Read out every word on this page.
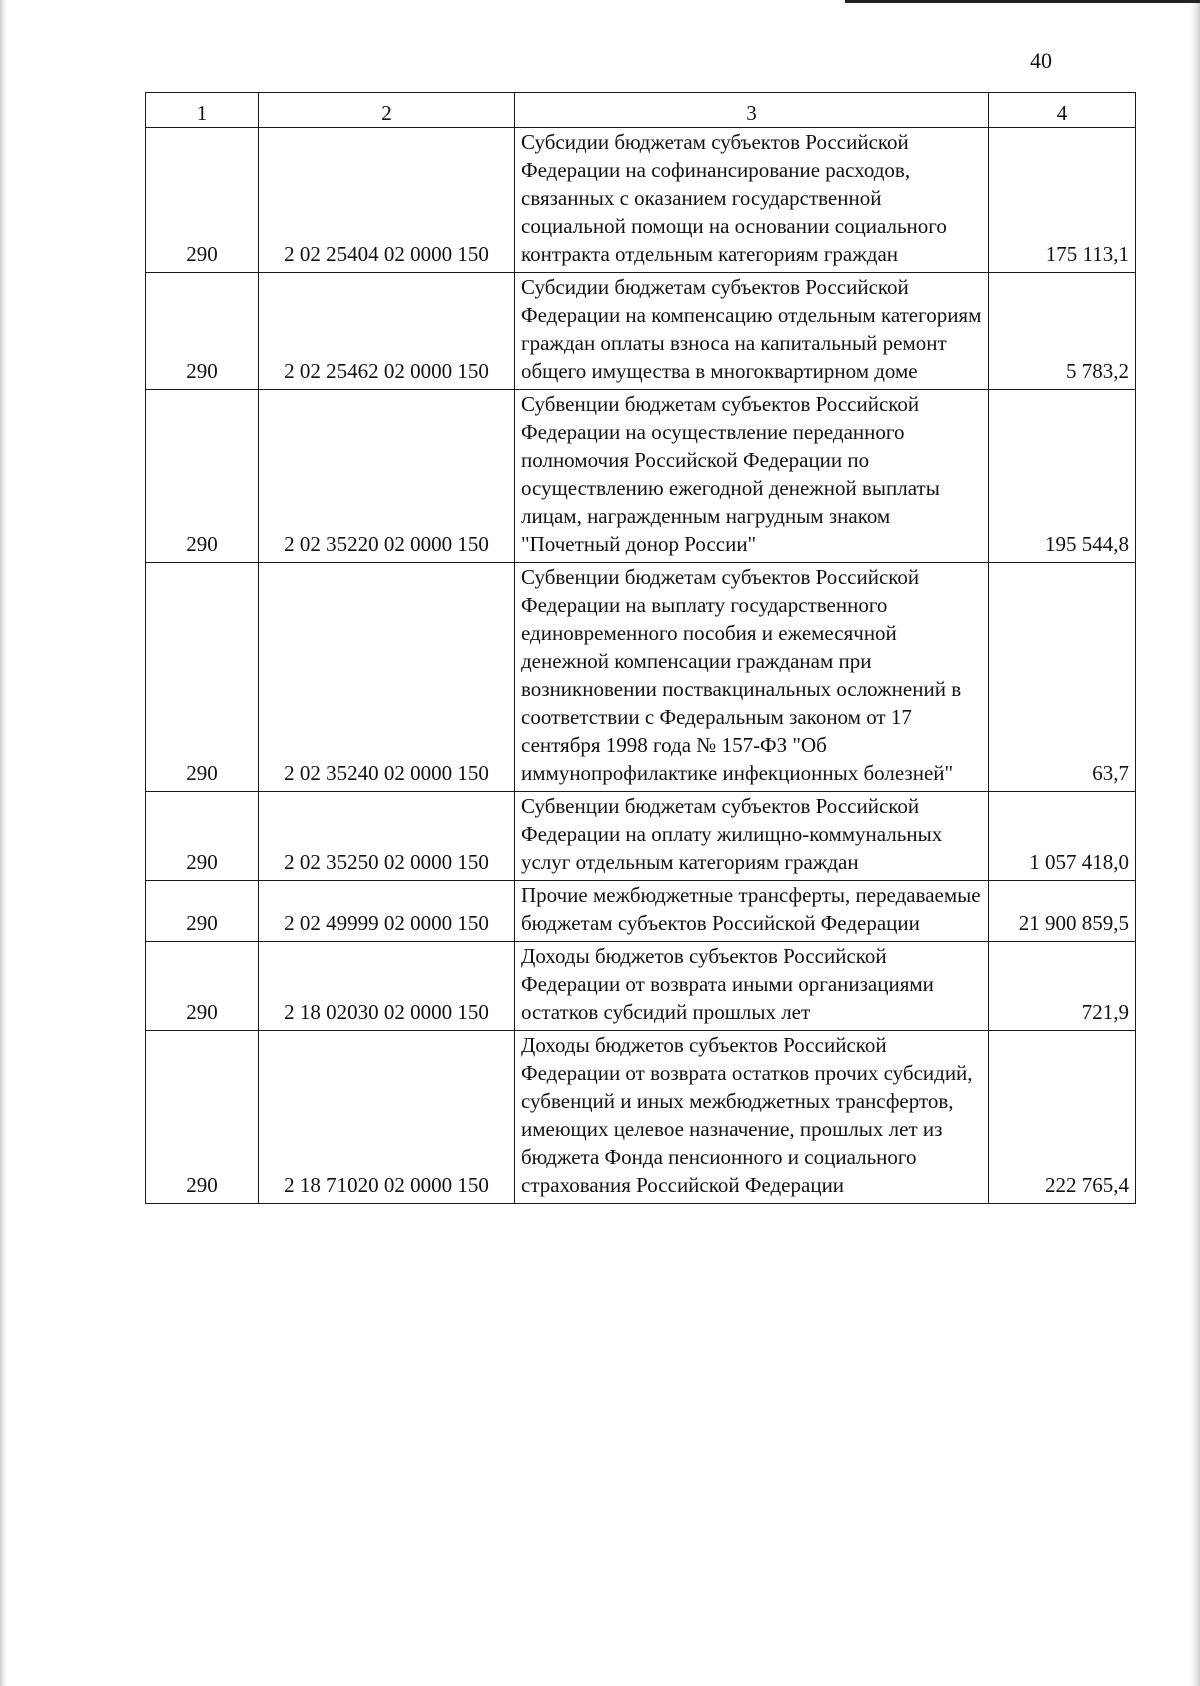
40
1	2	3	4
290	2 02 25404 02 0000 150	Субсидии бюджетам субъектов Российской Федерации на софинансирование расходов, связанных с оказанием государственной социальной помощи на основании социального контракта отдельным категориям граждан	175 113,1
290	2 02 25462 02 0000 150	Субсидии бюджетам субъектов Российской Федерации на компенсацию отдельным категориям граждан оплаты взноса на капитальный ремонт общего имущества в многоквартирном доме	5 783,2
290	2 02 35220 02 0000 150	Субвенции бюджетам субъектов Российской Федерации на осуществление переданного полномочия Российской Федерации по осуществлению ежегодной денежной выплаты лицам, награжденным нагрудным знаком "Почетный донор России"	195 544,8
290	2 02 35240 02 0000 150	Субвенции бюджетам субъектов Российской Федерации на выплату государственного единовременного пособия и ежемесячной денежной компенсации гражданам при возникновении поствакцинальных осложнений в соответствии с Федеральным законом от 17 сентября 1998 года № 157-ФЗ "Об иммунопрофилактике инфекционных болезней"	63,7
290	2 02 35250 02 0000 150	Субвенции бюджетам субъектов Российской Федерации на оплату жилищно-коммунальных услуг отдельным категориям граждан	1 057 418,0
290	2 02 49999 02 0000 150	Прочие межбюджетные трансферты, передаваемые бюджетам субъектов Российской Федерации	21 900 859,5
290	2 18 02030 02 0000 150	Доходы бюджетов субъектов Российской Федерации от возврата иными организациями остатков субсидий прошлых лет	721,9
290	2 18 71020 02 0000 150	Доходы бюджетов субъектов Российской Федерации от возврата остатков прочих субсидий, субвенций и иных межбюджетных трансфертов, имеющих целевое назначение, прошлых лет из бюджета Фонда пенсионного и социального страхования Российской Федерации	222 765,4
